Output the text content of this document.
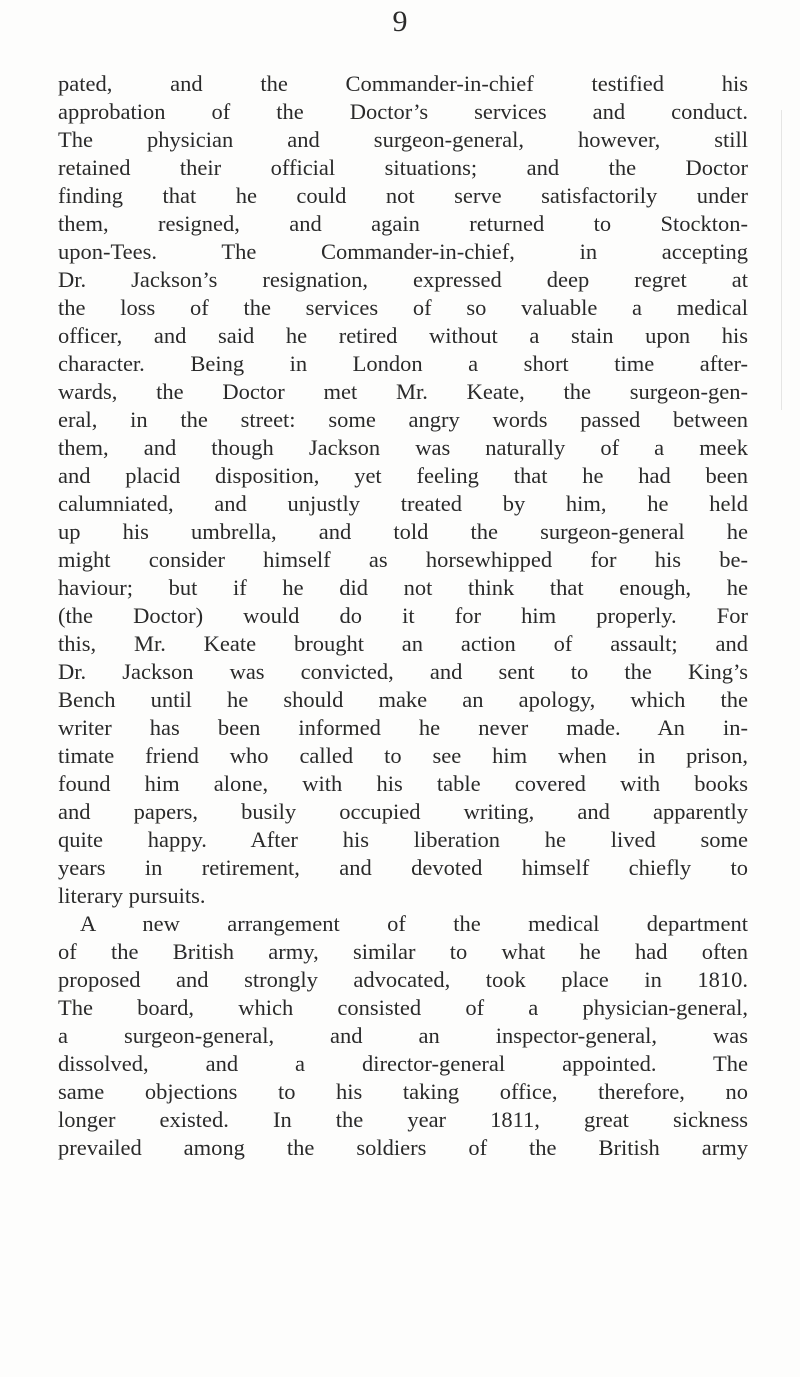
9
pated, and the Commander-in-chief testified his
approbation of the Doctor’s services and conduct.
The physician and surgeon-general, however, still
retained their official situations; and the Doctor
finding that he could not serve satisfactorily under
them, resigned, and again returned to Stockton-
upon-Tees. The Commander-in-chief, in accepting
Dr. Jackson’s resignation, expressed deep regret at
the loss of the services of so valuable a medical
officer, and said he retired without a stain upon his
character. Being in London a short time after-
wards, the Doctor met Mr. Keate, the surgeon-gen-
eral, in the street: some angry words passed between
them, and though Jackson was naturally of a meek
and placid disposition, yet feeling that he had been
calumniated, and unjustly treated by him, he held
up his umbrella, and told the surgeon-general he
might consider himself as horsewhipped for his be-
haviour; but if he did not think that enough, he
(the Doctor) would do it for him properly. For
this, Mr. Keate brought an action of assault; and
Dr. Jackson was convicted, and sent to the King’s
Bench until he should make an apology, which the
writer has been informed he never made. An in-
timate friend who called to see him when in prison,
found him alone, with his table covered with books
and papers, busily occupied writing, and apparently
quite happy. After his liberation he lived some
years in retirement, and devoted himself chiefly to
literary pursuits.
A new arrangement of the medical department
of the British army, similar to what he had often
proposed and strongly advocated, took place in 1810.
The board, which consisted of a physician-general,
a surgeon-general, and an inspector-general, was
dissolved, and a director-general appointed. The
same objections to his taking office, therefore, no
longer existed. In the year 1811, great sickness
prevailed among the soldiers of the British army
